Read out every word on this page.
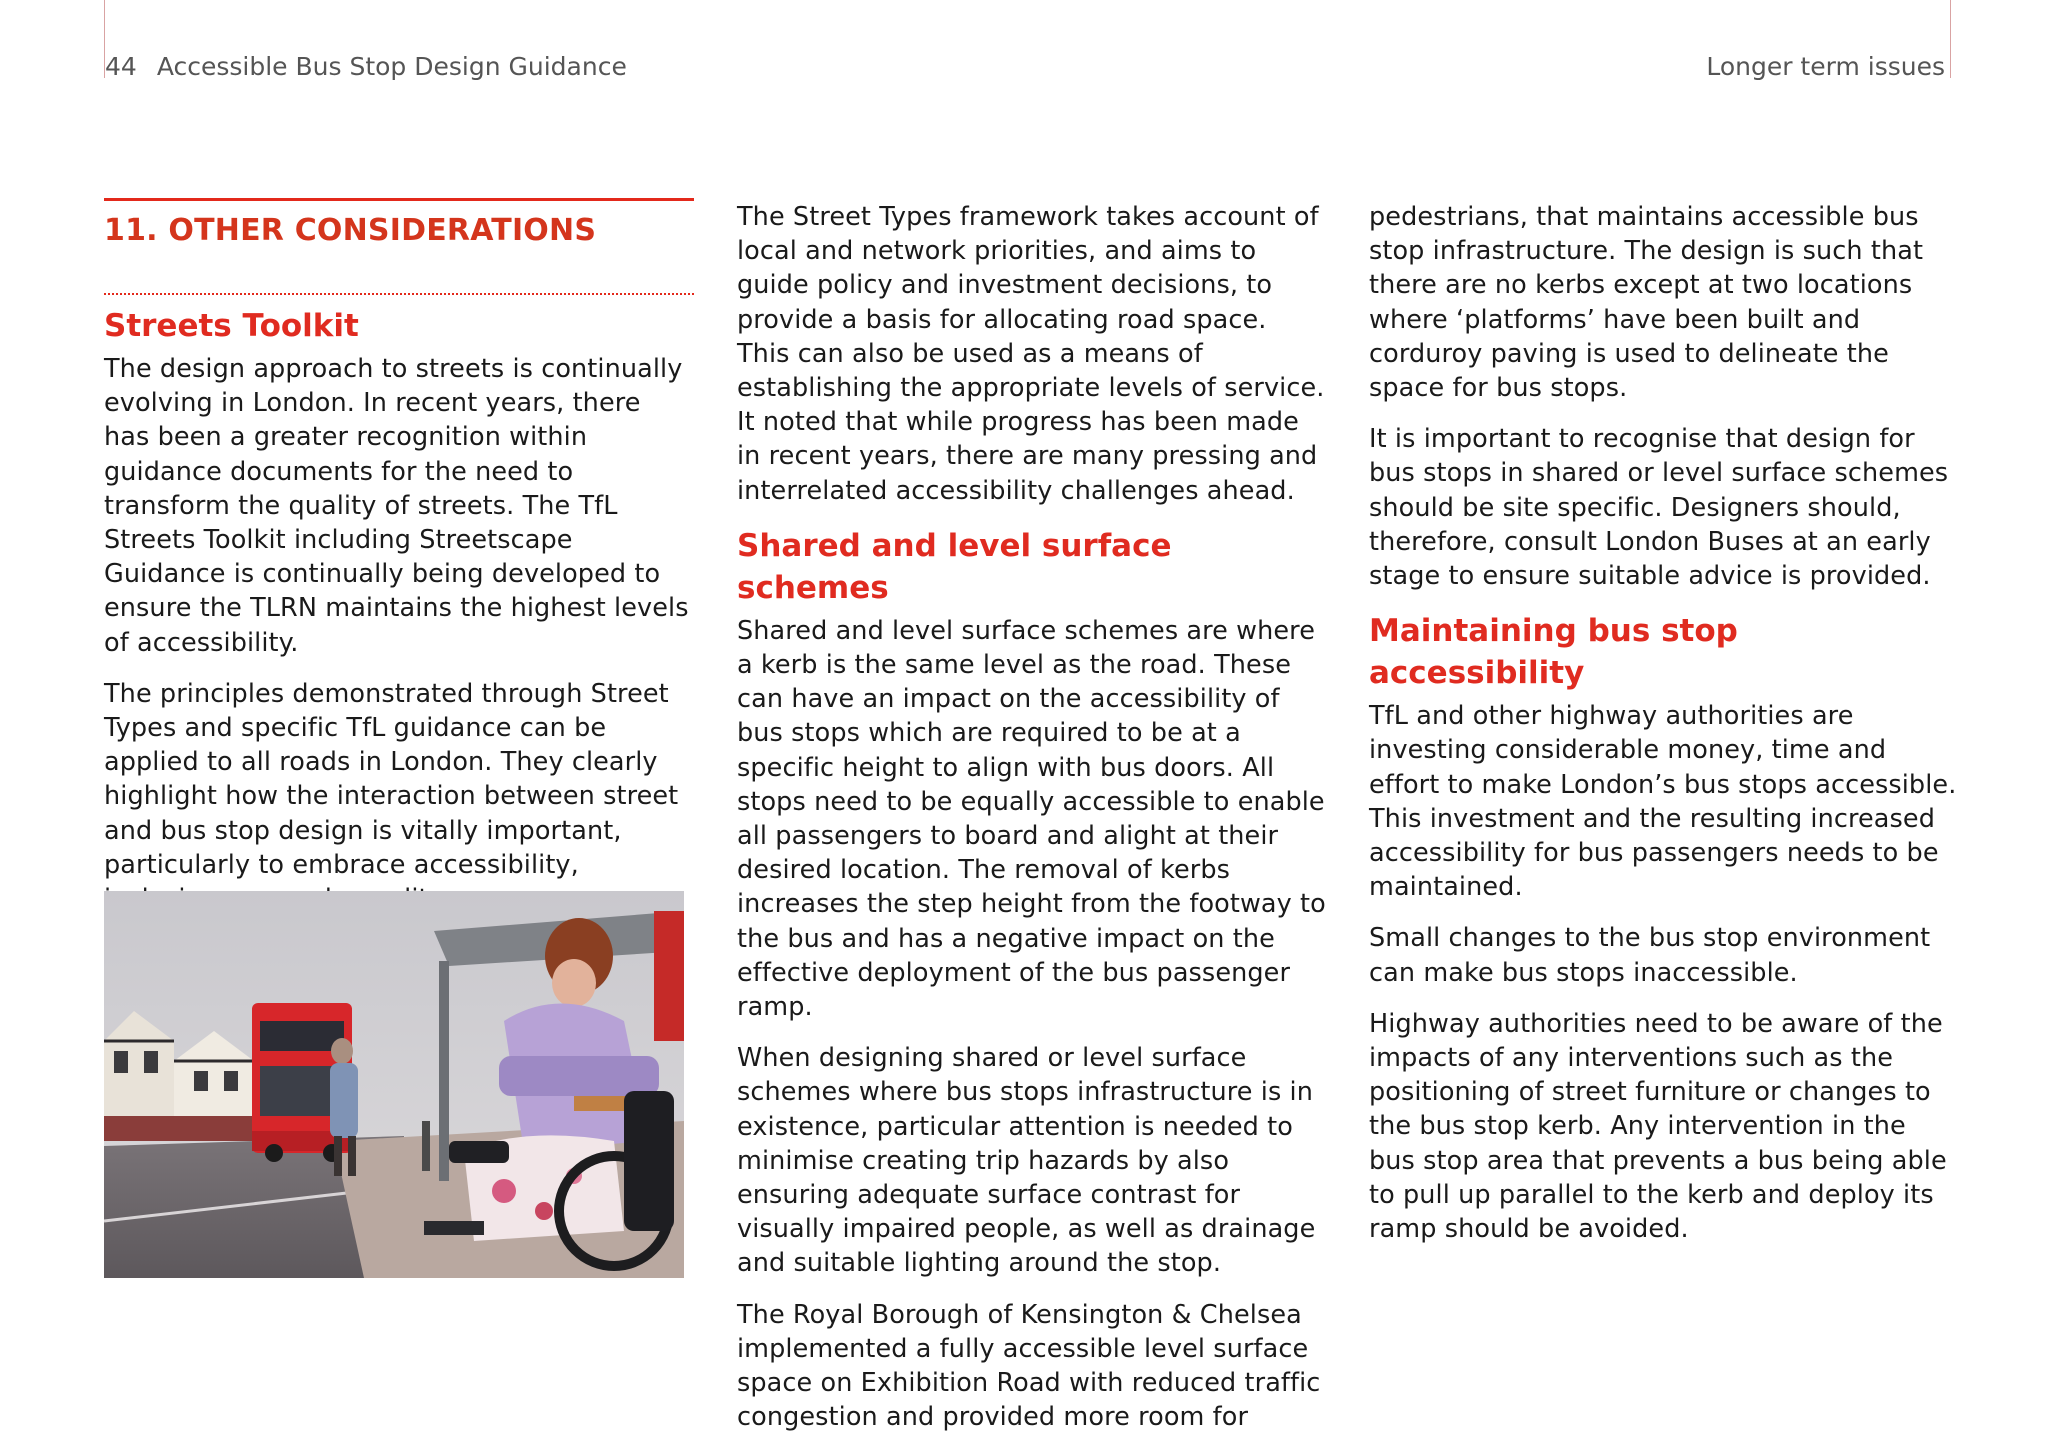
44 Accessible Bus Stop Design Guidance	Longer term issues
11. OTHER CONSIDERATIONS
Streets Toolkit

The design approach to streets is continually evolving in London. In recent years, there has been a greater recognition within guidance documents for the need to transform the quality of streets. The TfL Streets Toolkit including Streetscape Guidance is continually being developed to ensure the TLRN maintains the highest levels of accessibility.

The principles demonstrated through Street Types and specific TfL guidance can be applied to all roads in London. They clearly highlight how the interaction between street and bus stop design is vitally important, particularly to embrace accessibility,

The Street Types framework takes account of local and network priorities, and aims to guide policy and investment decisions, to provide a basis for allocating road space. This can also be used as a means of establishing the appropriate levels of service. It noted that while progress has been made in recent years, there are many pressing and interrelated accessibility challenges ahead.

Shared and level surface schemes

Shared and level surface schemes are where a kerb is the same level as the road. These can have an impact on the accessibility of bus stops which are required to be at a specific height to align with bus doors. All stops need to be equally accessible to enable all passengers to board and alight at their desired location. The removal of kerbs increases the step height from the footway to the bus and has a negative impact on the effective deployment of the bus passenger ramp.

When designing shared or level surface schemes where bus stops infrastructure is in existence, particular attention is needed to minimise creating trip hazards by also ensuring adequate surface contrast for visually impaired people, as well as drainage and suitable lighting around the stop.

The Royal Borough of Kensington & Chelsea implemented a fully accessible level surface space on Exhibition Road with reduced traffic congestion and provided more room for

pedestrians, that maintains accessible bus stop infrastructure. The design is such that there are no kerbs except at two locations where ‘platforms’ have been built and corduroy paving is used to delineate the space for bus stops.

It is important to recognise that design for bus stops in shared or level surface schemes should be site specific. Designers should, therefore, consult London Buses at an early stage to ensure suitable advice is provided.

Maintaining bus stop accessibility

TfL and other highway authorities are investing considerable money, time and effort to make London’s bus stops accessible. This investment and the resulting increased accessibility for bus passengers needs to be maintained.

Small changes to the bus stop environment can make bus stops inaccessible.

Highway authorities need to be aware of the impacts of any interventions such as the positioning of street furniture or changes to the bus stop kerb. Any intervention in the bus stop area that prevents a bus being able to pull up parallel to the kerb and deploy its ramp should be avoided.
